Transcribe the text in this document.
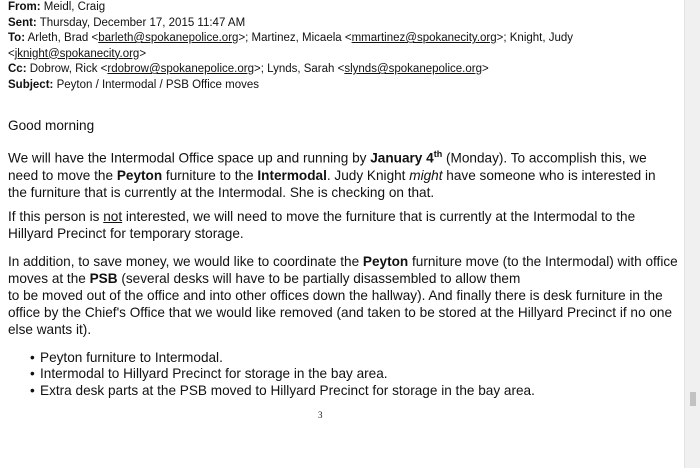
From: Meidl, Craig
Sent: Thursday, December 17, 2015 11:47 AM
To: Arleth, Brad <barleth@spokanepolice.org>; Martinez, Micaela <mmartinez@spokanecity.org>; Knight, Judy
<jknight@spokanecity.org>
Cc: Dobrow, Rick <rdobrow@spokanepolice.org>; Lynds, Sarah <slynds@spokanepolice.org>
Subject: Peyton / Intermodal / PSB Office moves

Good morning

We will have the Intermodal Office space up and running by January 4th (Monday). To accomplish this, we need to move the Peyton furniture to the Intermodal. Judy Knight might have someone who is interested in the furniture that is currently at the Intermodal. She is checking on that.

If this person is not interested, we will need to move the furniture that is currently at the Intermodal to the Hillyard Precinct for temporary storage.

In addition, to save money, we would like to coordinate the Peyton furniture move (to the Intermodal) with office moves at the PSB (several desks will have to be partially disassembled to allow them
to be moved out of the office and into other offices down the hallway). And finally there is desk furniture in the office by the Chief's Office that we would like removed (and taken to be stored at the Hillyard Precinct if no one else wants it).

• Peyton furniture to Intermodal.
• Intermodal to Hillyard Precinct for storage in the bay area.
• Extra desk parts at the PSB moved to Hillyard Precinct for storage in the bay area.
3
